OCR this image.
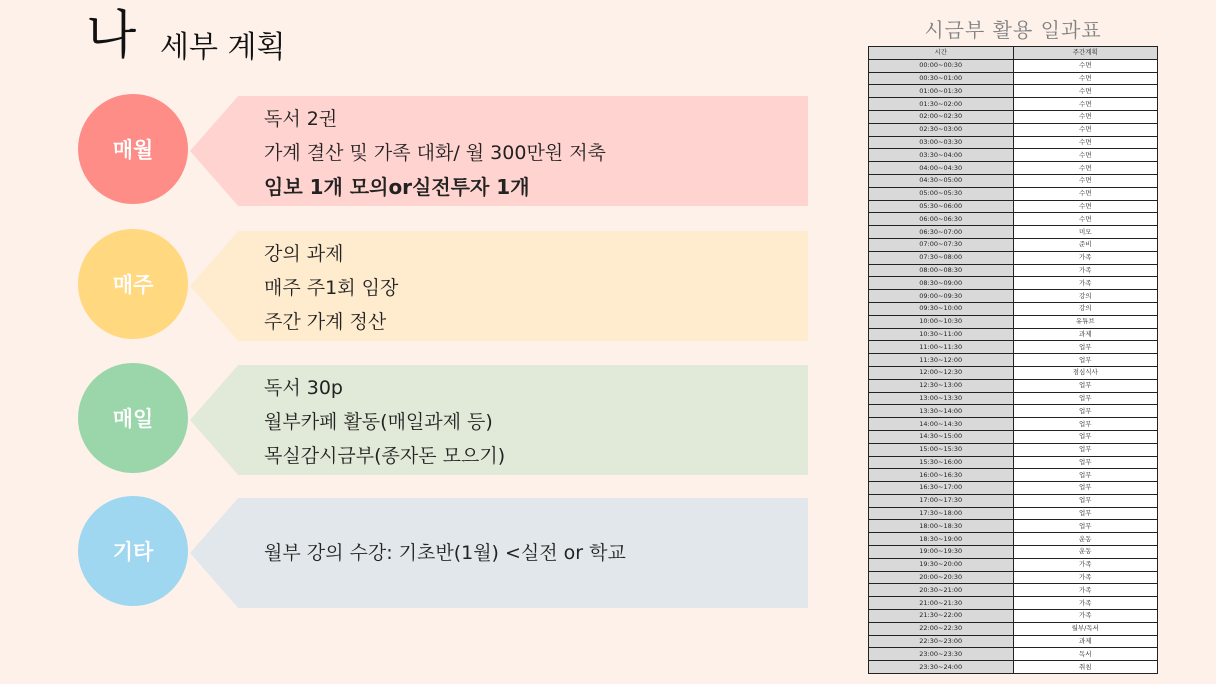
나 세부 계획
매월
독서 2권
가계 결산 및 가족 대화/ 월 300만원 저축
임보 1개 모의or실전투자 1개
매주
강의 과제
매주 주1회 임장
주간 가계 정산
매일
독서 30p
월부카페 활동(매일과제 등)
목실감시금부(종자돈 모으기)
기타	월부 강의 수강: 기초반(1월) <실전 or 학교
시금부 활용 일과표
시간	주간계획
00:00~00:30	수면
00:30~01:00	수면
01:00~01:30	수면
01:30~02:00	수면
02:00~02:30	수면
02:30~03:00	수면
03:00~03:30	수면
03:30~04:00	수면
04:00~04:30	수면
04:30~05:00	수면
05:00~05:30	수면
05:30~06:00	수면
06:00~06:30	수면
06:30~07:00	미모
07:00~07:30	준비
07:30~08:00	가족
08:00~08:30	가족
08:30~09:00	가족
09:00~09:30	강의
09:30~10:00	강의
10:00~10:30	유튜브
10:30~11:00	과제
11:00~11:30	업무
11:30~12:00	업무
12:00~12:30	점심식사
12:30~13:00	업무
13:00~13:30	업무
13:30~14:00	업무
14:00~14:30	업무
14:30~15:00	업무
15:00~15:30	업무
15:30~16:00	업무
16:00~16:30	업무
16:30~17:00	업무
17:00~17:30	업무
17:30~18:00	업무
18:00~18:30	업무
18:30~19:00	운동
19:00~19:30	운동
19:30~20:00	가족
20:00~20:30	가족
20:30~21:00	가족
21:00~21:30	가족
21:30~22:00	가족
22:00~22:30	월부/독서
22:30~23:00	과제
23:00~23:30	독서
23:30~24:00	취침
